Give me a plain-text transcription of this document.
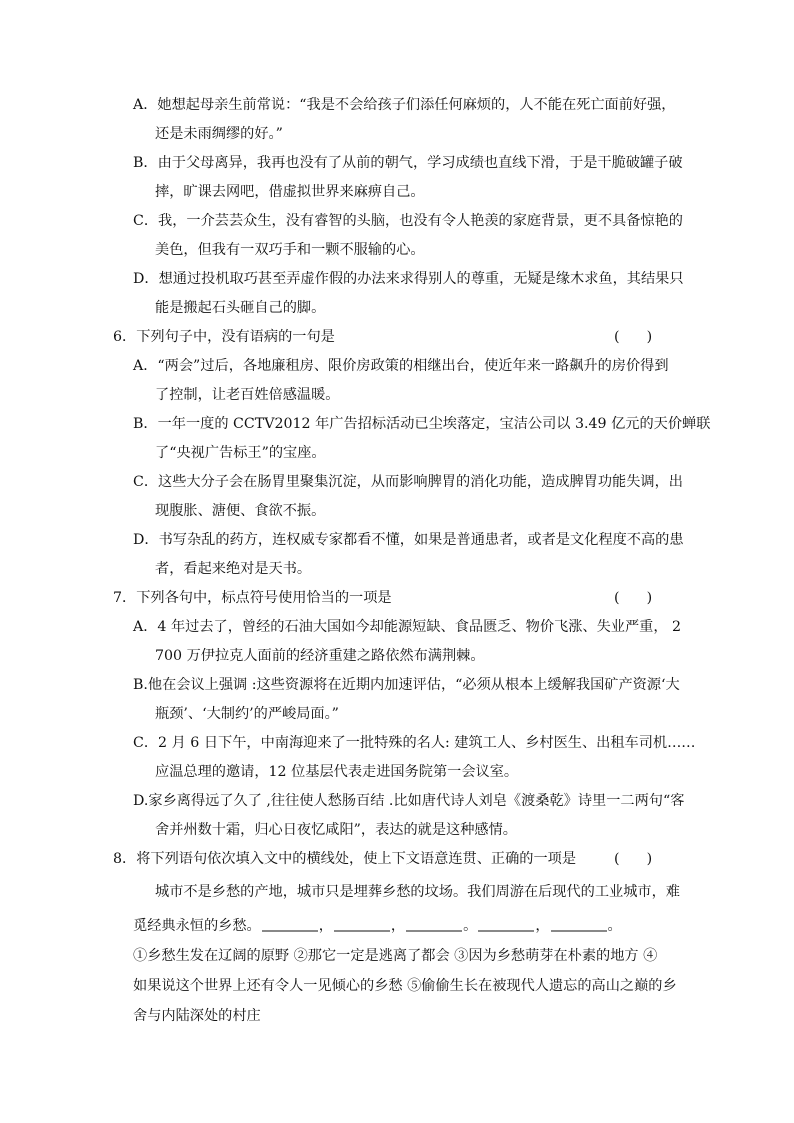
A．她想起母亲生前常说：“我是不会给孩子们添任何麻烦的，人不能在死亡面前好强，
还是未雨绸缪的好。”
B．由于父母离异，我再也没有了从前的朝气，学习成绩也直线下滑，于是干脆破罐子破
摔，旷课去网吧，借虚拟世界来麻痹自己。
C．我，一介芸芸众生，没有睿智的头脑，也没有令人艳羡的家庭背景，更不具备惊艳的
美色，但我有一双巧手和一颗不服输的心。
D．想通过投机取巧甚至弄虚作假的办法来求得别人的尊重，无疑是缘木求鱼，其结果只
能是搬起石头砸自己的脚。
6．下列句子中，没有语病的一句是	(      )
A．“两会”过后，各地廉租房、限价房政策的相继出台，使近年来一路飙升的房价得到
了控制，让老百姓倍感温暖。
B．一年一度的 CCTV2012 年广告招标活动已尘埃落定，宝洁公司以 3.49 亿元的天价蝉联
了“央视广告标王”的宝座。
C．这些大分子会在肠胃里聚集沉淀，从而影响脾胃的消化功能，造成脾胃功能失调，出
现腹胀、溏便、食欲不振。
D．书写杂乱的药方，连权威专家都看不懂，如果是普通患者，或者是文化程度不高的患
者，看起来绝对是天书。
7．下列各句中，标点符号使用恰当的一项是	(      )
A．4 年过去了，曾经的石油大国如今却能源短缺、食品匮乏、物价飞涨、失业严重， 2
700 万伊拉克人面前的经济重建之路依然布满荆棘。
B.他在会议上强调 :这些资源将在近期内加速评估，“必须从根本上缓解我国矿产资源‘大
瓶颈’、‘大制约’的严峻局面。”
C．2 月 6 日下午，中南海迎来了一批特殊的名人: 建筑工人、乡村医生、出租车司机……
应温总理的邀请，12 位基层代表走进国务院第一会议室。
D.家乡离得远了久了 ,往往使人愁肠百结 .比如唐代诗人刘皂《渡桑乾》诗里一二两句“客
舍并州数十霜，归心日夜忆咸阳”，表达的就是这种感情。
8．将下列语句依次填入文中的横线处，使上下文语意连贯、正确的一项是	(      )
城市不是乡愁的产地，城市只是埋葬乡愁的坟场。我们周游在后现代的工业城市，难
觅经典永恒的乡愁。	，	，	。	，	。
①乡愁生发在辽阔的原野 ②那它一定是逃离了都会 ③因为乡愁萌芽在朴素的地方 ④
如果说这个世界上还有令人一见倾心的乡愁 ⑤偷偷生长在被现代人遗忘的高山之巅的乡
舍与内陆深处的村庄
